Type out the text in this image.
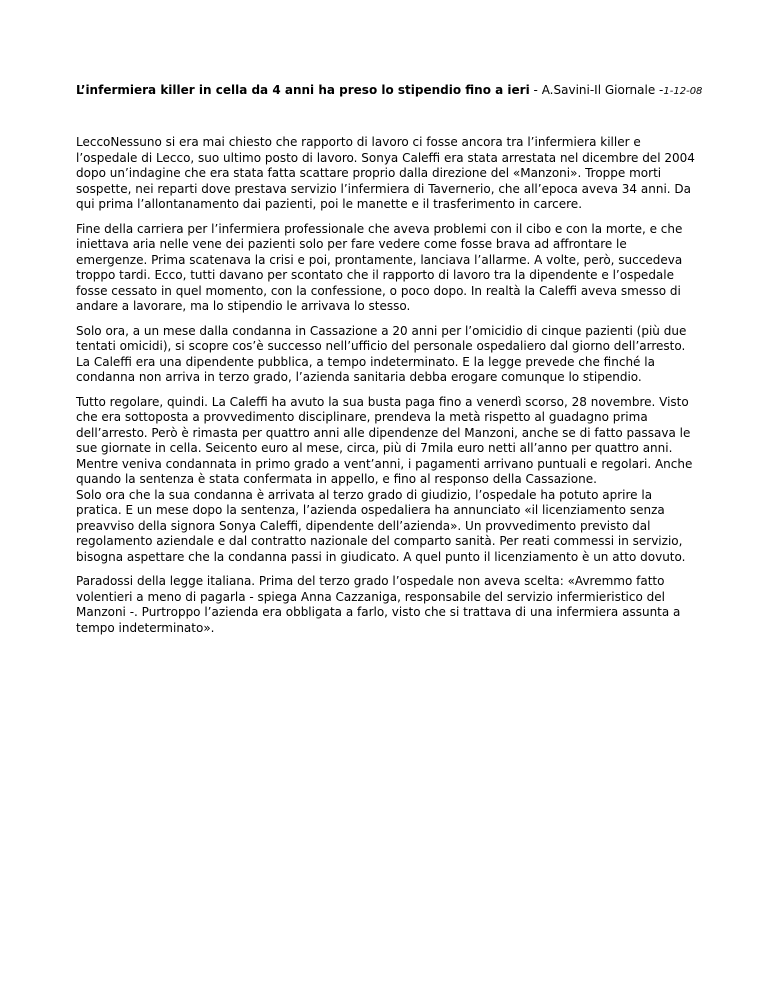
L’infermiera killer in cella da 4 anni ha preso lo stipendio fino a ieri - A.Savini-Il Giornale -1-12-08

LeccoNessuno si era mai chiesto che rapporto di lavoro ci fosse ancora tra l’infermiera killer e l’ospedale di Lecco, suo ultimo posto di lavoro. Sonya Caleffi era stata arrestata nel dicembre del 2004 dopo un’indagine che era stata fatta scattare proprio dalla direzione del «Manzoni». Troppe morti sospette, nei reparti dove prestava servizio l’infermiera di Tavernerio, che all’epoca aveva 34 anni. Da qui prima l’allontanamento dai pazienti, poi le manette e il trasferimento in carcere.

Fine della carriera per l’infermiera professionale che aveva problemi con il cibo e con la morte, e che iniettava aria nelle vene dei pazienti solo per fare vedere come fosse brava ad affrontare le emergenze. Prima scatenava la crisi e poi, prontamente, lanciava l’allarme. A volte, però, succedeva troppo tardi. Ecco, tutti davano per scontato che il rapporto di lavoro tra la dipendente e l’ospedale fosse cessato in quel momento, con la confessione, o poco dopo. In realtà la Caleffi aveva smesso di andare a lavorare, ma lo stipendio le arrivava lo stesso.

Solo ora, a un mese dalla condanna in Cassazione a 20 anni per l’omicidio di cinque pazienti (più due tentati omicidi), si scopre cos’è successo nell’ufficio del personale ospedaliero dal giorno dell’arresto. La Caleffi era una dipendente pubblica, a tempo indeterminato. E la legge prevede che finché la condanna non arriva in terzo grado, l’azienda sanitaria debba erogare comunque lo stipendio.

Tutto regolare, quindi. La Caleffi ha avuto la sua busta paga fino a venerdì scorso, 28 novembre. Visto che era sottoposta a provvedimento disciplinare, prendeva la metà rispetto al guadagno prima dell’arresto. Però è rimasta per quattro anni alle dipendenze del Manzoni, anche se di fatto passava le sue giornate in cella. Seicento euro al mese, circa, più di 7mila euro netti all’anno per quattro anni. Mentre veniva condannata in primo grado a vent’anni, i pagamenti arrivano puntuali e regolari. Anche quando la sentenza è stata confermata in appello, e fino al responso della Cassazione.
Solo ora che la sua condanna è arrivata al terzo grado di giudizio, l’ospedale ha potuto aprire la pratica. E un mese dopo la sentenza, l’azienda ospedaliera ha annunciato «il licenziamento senza preavviso della signora Sonya Caleffi, dipendente dell’azienda». Un provvedimento previsto dal regolamento aziendale e dal contratto nazionale del comparto sanità. Per reati commessi in servizio, bisogna aspettare che la condanna passi in giudicato. A quel punto il licenziamento è un atto dovuto.

Paradossi della legge italiana. Prima del terzo grado l’ospedale non aveva scelta: «Avremmo fatto volentieri a meno di pagarla - spiega Anna Cazzaniga, responsabile del servizio infermieristico del Manzoni -. Purtroppo l’azienda era obbligata a farlo, visto che si trattava di una infermiera assunta a tempo indeterminato».
